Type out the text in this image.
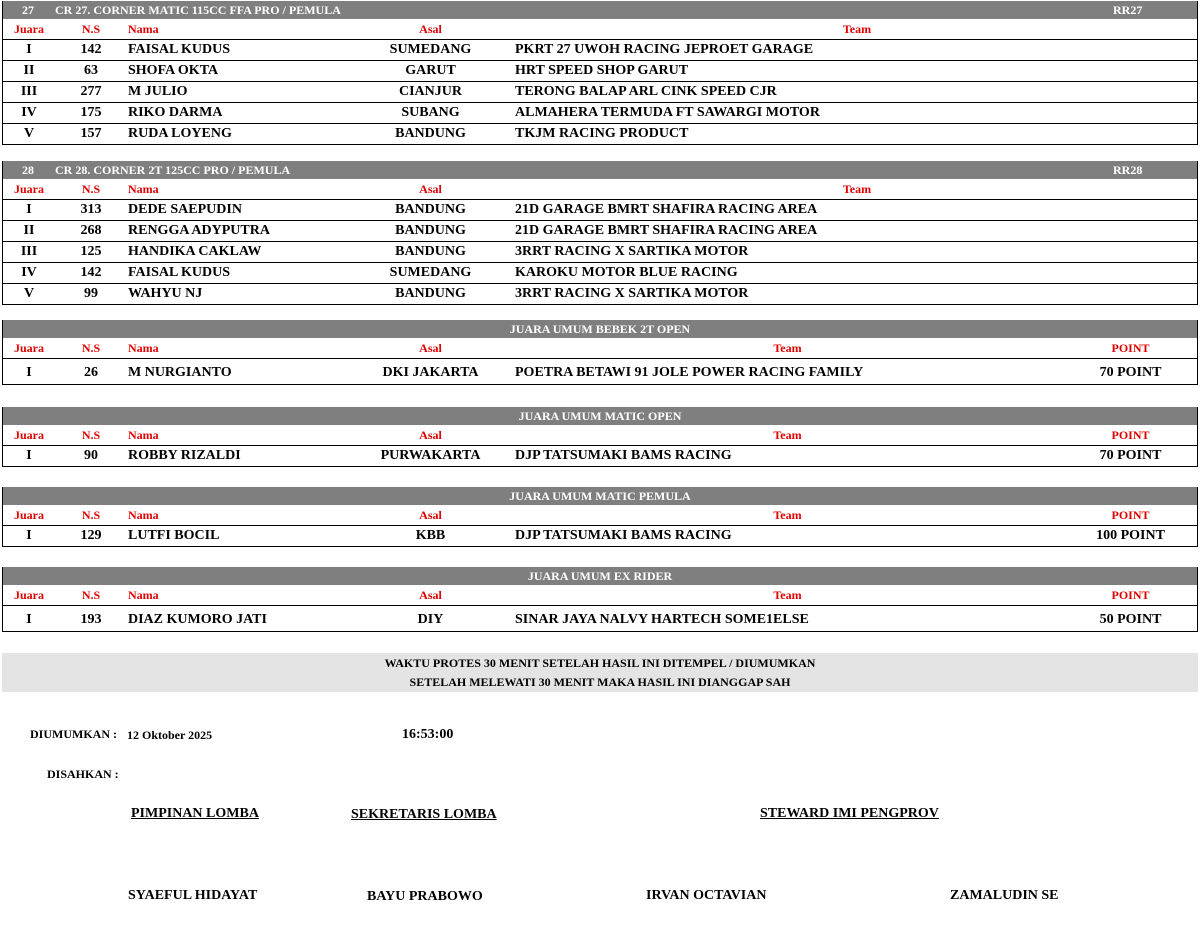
27 CR 27. CORNER MATIC 115CC FFA PRO / PEMULA	RR27
Juara	N.S	Nama	Asal	Team
I	142	FAISAL KUDUS	SUMEDANG	PKRT 27 UWOH RACING JEPROET GARAGE
II	63	SHOFA OKTA	GARUT	HRT SPEED SHOP GARUT
III	277	M JULIO	CIANJUR	TERONG BALAP ARL CINK SPEED CJR
IV	175	RIKO DARMA	SUBANG	ALMAHERA TERMUDA FT SAWARGI MOTOR
V	157	RUDA LOYENG	BANDUNG	TKJM RACING PRODUCT
28 CR 28. CORNER 2T 125CC PRO / PEMULA	RR28
Juara	N.S	Nama	Asal	Team
I	313	DEDE SAEPUDIN	BANDUNG	21D GARAGE BMRT SHAFIRA RACING AREA
II	268	RENGGA ADYPUTRA	BANDUNG	21D GARAGE BMRT SHAFIRA RACING AREA
III	125	HANDIKA CAKLAW	BANDUNG	3RRT RACING X SARTIKA MOTOR
IV	142	FAISAL KUDUS	SUMEDANG	KAROKU MOTOR BLUE RACING
V	99	WAHYU NJ	BANDUNG	3RRT RACING X SARTIKA MOTOR
JUARA UMUM BEBEK 2T OPEN
Juara	N.S	Nama	Asal	Team	POINT
I	26	M NURGIANTO	DKI JAKARTA	POETRA BETAWI 91 JOLE POWER RACING FAMILY	70 POINT
JUARA UMUM MATIC OPEN
Juara	N.S	Nama	Asal	Team	POINT
I	90	ROBBY RIZALDI	PURWAKARTA	DJP TATSUMAKI BAMS RACING	70 POINT
JUARA UMUM MATIC PEMULA
Juara	N.S	Nama	Asal	Team	POINT
I	129	LUTFI BOCIL	KBB	DJP TATSUMAKI BAMS RACING	100 POINT
JUARA UMUM EX RIDER
Juara	N.S	Nama	Asal	Team	POINT
I	193	DIAZ KUMORO JATI	DIY	SINAR JAYA NALVY HARTECH SOME1ELSE	50 POINT
WAKTU PROTES 30 MENIT SETELAH HASIL INI DITEMPEL / DIUMUMKAN
SETELAH MELEWATI 30 MENIT MAKA HASIL INI DIANGGAP SAH
DIUMUMKAN : 12 Oktober 2025	16:53:00
DISAHKAN :
PIMPINAN LOMBA	SEKRETARIS LOMBA	STEWARD IMI PENGPROV
SYAEFUL HIDAYAT	BAYU PRABOWO	IRVAN OCTAVIAN	ZAMALUDIN SE
